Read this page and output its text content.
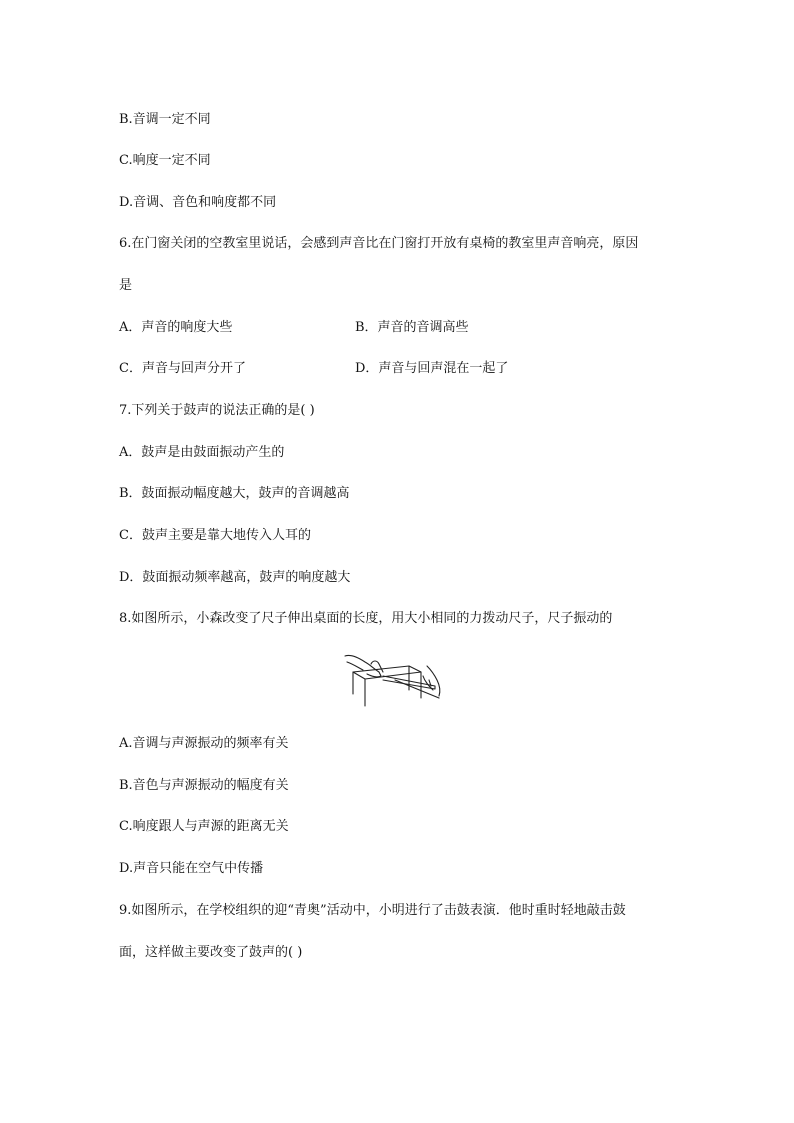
B.音调一定不同
C.响度一定不同
D.音调、音色和响度都不同
6.在门窗关闭的空教室里说话，会感到声音比在门窗打开放有桌椅的教室里声音响亮，原因
是
A．声音的响度大些	B．声音的音调高些
C．声音与回声分开了	D．声音与回声混在一起了
7.下列关于鼓声的说法正确的是( )
A．鼓声是由鼓面振动产生的
B．鼓面振动幅度越大，鼓声的音调越高
C．鼓声主要是靠大地传入人耳的
D．鼓面振动频率越高，鼓声的响度越大
8.如图所示，小森改变了尺子伸出桌面的长度，用大小相同的力拨动尺子，尺子振动的
A.音调与声源振动的频率有关
B.音色与声源振动的幅度有关
C.响度跟人与声源的距离无关
D.声音只能在空气中传播
9.如图所示，在学校组织的迎“青奥”活动中，小明进行了击鼓表演．他时重时轻地敲击鼓
面，这样做主要改变了鼓声的( )
